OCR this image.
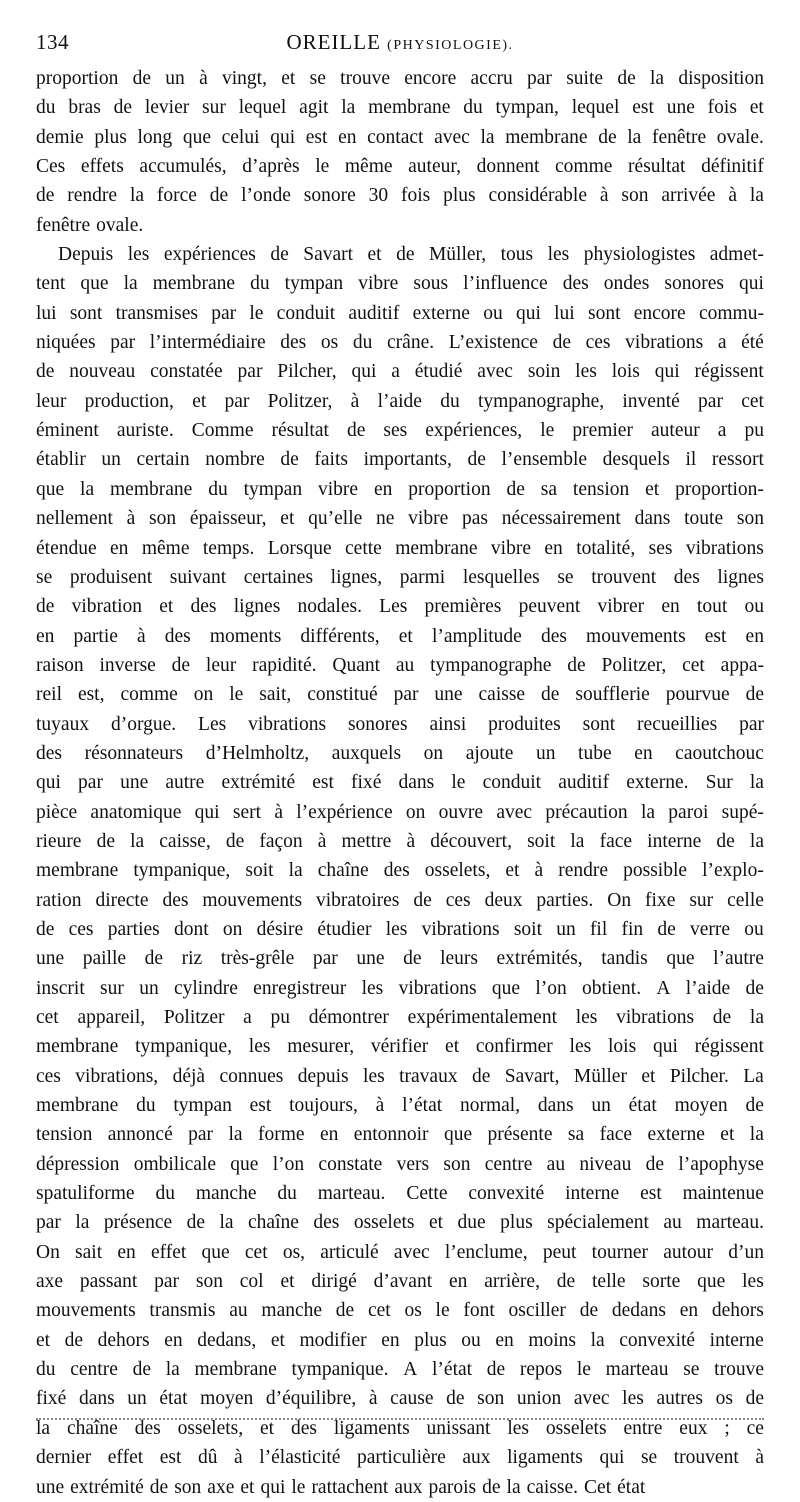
134	OREILLE (PHYSIOLOGIE).
proportion de un à vingt, et se trouve encore accru par suite de la disposition
du bras de levier sur lequel agit la membrane du tympan, lequel est une fois et
demie plus long que celui qui est en contact avec la membrane de la fenêtre ovale.
Ces effets accumulés, d’après le même auteur, donnent comme résultat définitif
de rendre la force de l’onde sonore 30 fois plus considérable à son arrivée à la
fenêtre ovale.
Depuis les expériences de Savart et de Müller, tous les physiologistes admet-
tent que la membrane du tympan vibre sous l’influence des ondes sonores qui
lui sont transmises par le conduit auditif externe ou qui lui sont encore commu-
niquées par l’intermédiaire des os du crâne. L’existence de ces vibrations a été
de nouveau constatée par Pilcher, qui a étudié avec soin les lois qui régissent
leur production, et par Politzer, à l’aide du tympanographe, inventé par cet
éminent auriste. Comme résultat de ses expériences, le premier auteur a pu
établir un certain nombre de faits importants, de l’ensemble desquels il ressort
que la membrane du tympan vibre en proportion de sa tension et proportion-
nellement à son épaisseur, et qu’elle ne vibre pas nécessairement dans toute son
étendue en même temps. Lorsque cette membrane vibre en totalité, ses vibrations
se produisent suivant certaines lignes, parmi lesquelles se trouvent des lignes
de vibration et des lignes nodales. Les premières peuvent vibrer en tout ou
en partie à des moments différents, et l’amplitude des mouvements est en
raison inverse de leur rapidité. Quant au tympanographe de Politzer, cet appa-
reil est, comme on le sait, constitué par une caisse de soufflerie pourvue de
tuyaux d’orgue. Les vibrations sonores ainsi produites sont recueillies par
des résonnateurs d’Helmholtz, auxquels on ajoute un tube en caoutchouc
qui par une autre extrémité est fixé dans le conduit auditif externe. Sur la
pièce anatomique qui sert à l’expérience on ouvre avec précaution la paroi supé-
rieure de la caisse, de façon à mettre à découvert, soit la face interne de la
membrane tympanique, soit la chaîne des osselets, et à rendre possible l’explo-
ration directe des mouvements vibratoires de ces deux parties. On fixe sur celle
de ces parties dont on désire étudier les vibrations soit un fil fin de verre ou
une paille de riz très-grêle par une de leurs extrémités, tandis que l’autre
inscrit sur un cylindre enregistreur les vibrations que l’on obtient. A l’aide de
cet appareil, Politzer a pu démontrer expérimentalement les vibrations de la
membrane tympanique, les mesurer, vérifier et confirmer les lois qui régissent
ces vibrations, déjà connues depuis les travaux de Savart, Müller et Pilcher. La
membrane du tympan est toujours, à l’état normal, dans un état moyen de
tension annoncé par la forme en entonnoir que présente sa face externe et la
dépression ombilicale que l’on constate vers son centre au niveau de l’apophyse
spatuliforme du manche du marteau. Cette convexité interne est maintenue
par la présence de la chaîne des osselets et due plus spécialement au marteau.
On sait en effet que cet os, articulé avec l’enclume, peut tourner autour d’un
axe passant par son col et dirigé d’avant en arrière, de telle sorte que les
mouvements transmis au manche de cet os le font osciller de dedans en dehors
et de dehors en dedans, et modifier en plus ou en moins la convexité interne
du centre de la membrane tympanique. A l’état de repos le marteau se trouve
fixé dans un état moyen d’équilibre, à cause de son union avec les autres os de
la chaîne des osselets, et des ligaments unissant les osselets entre eux ; ce
dernier effet est dû à l’élasticité particulière aux ligaments qui se trouvent à
une extrémité de son axe et qui le rattachent aux parois de la caisse. Cet état
